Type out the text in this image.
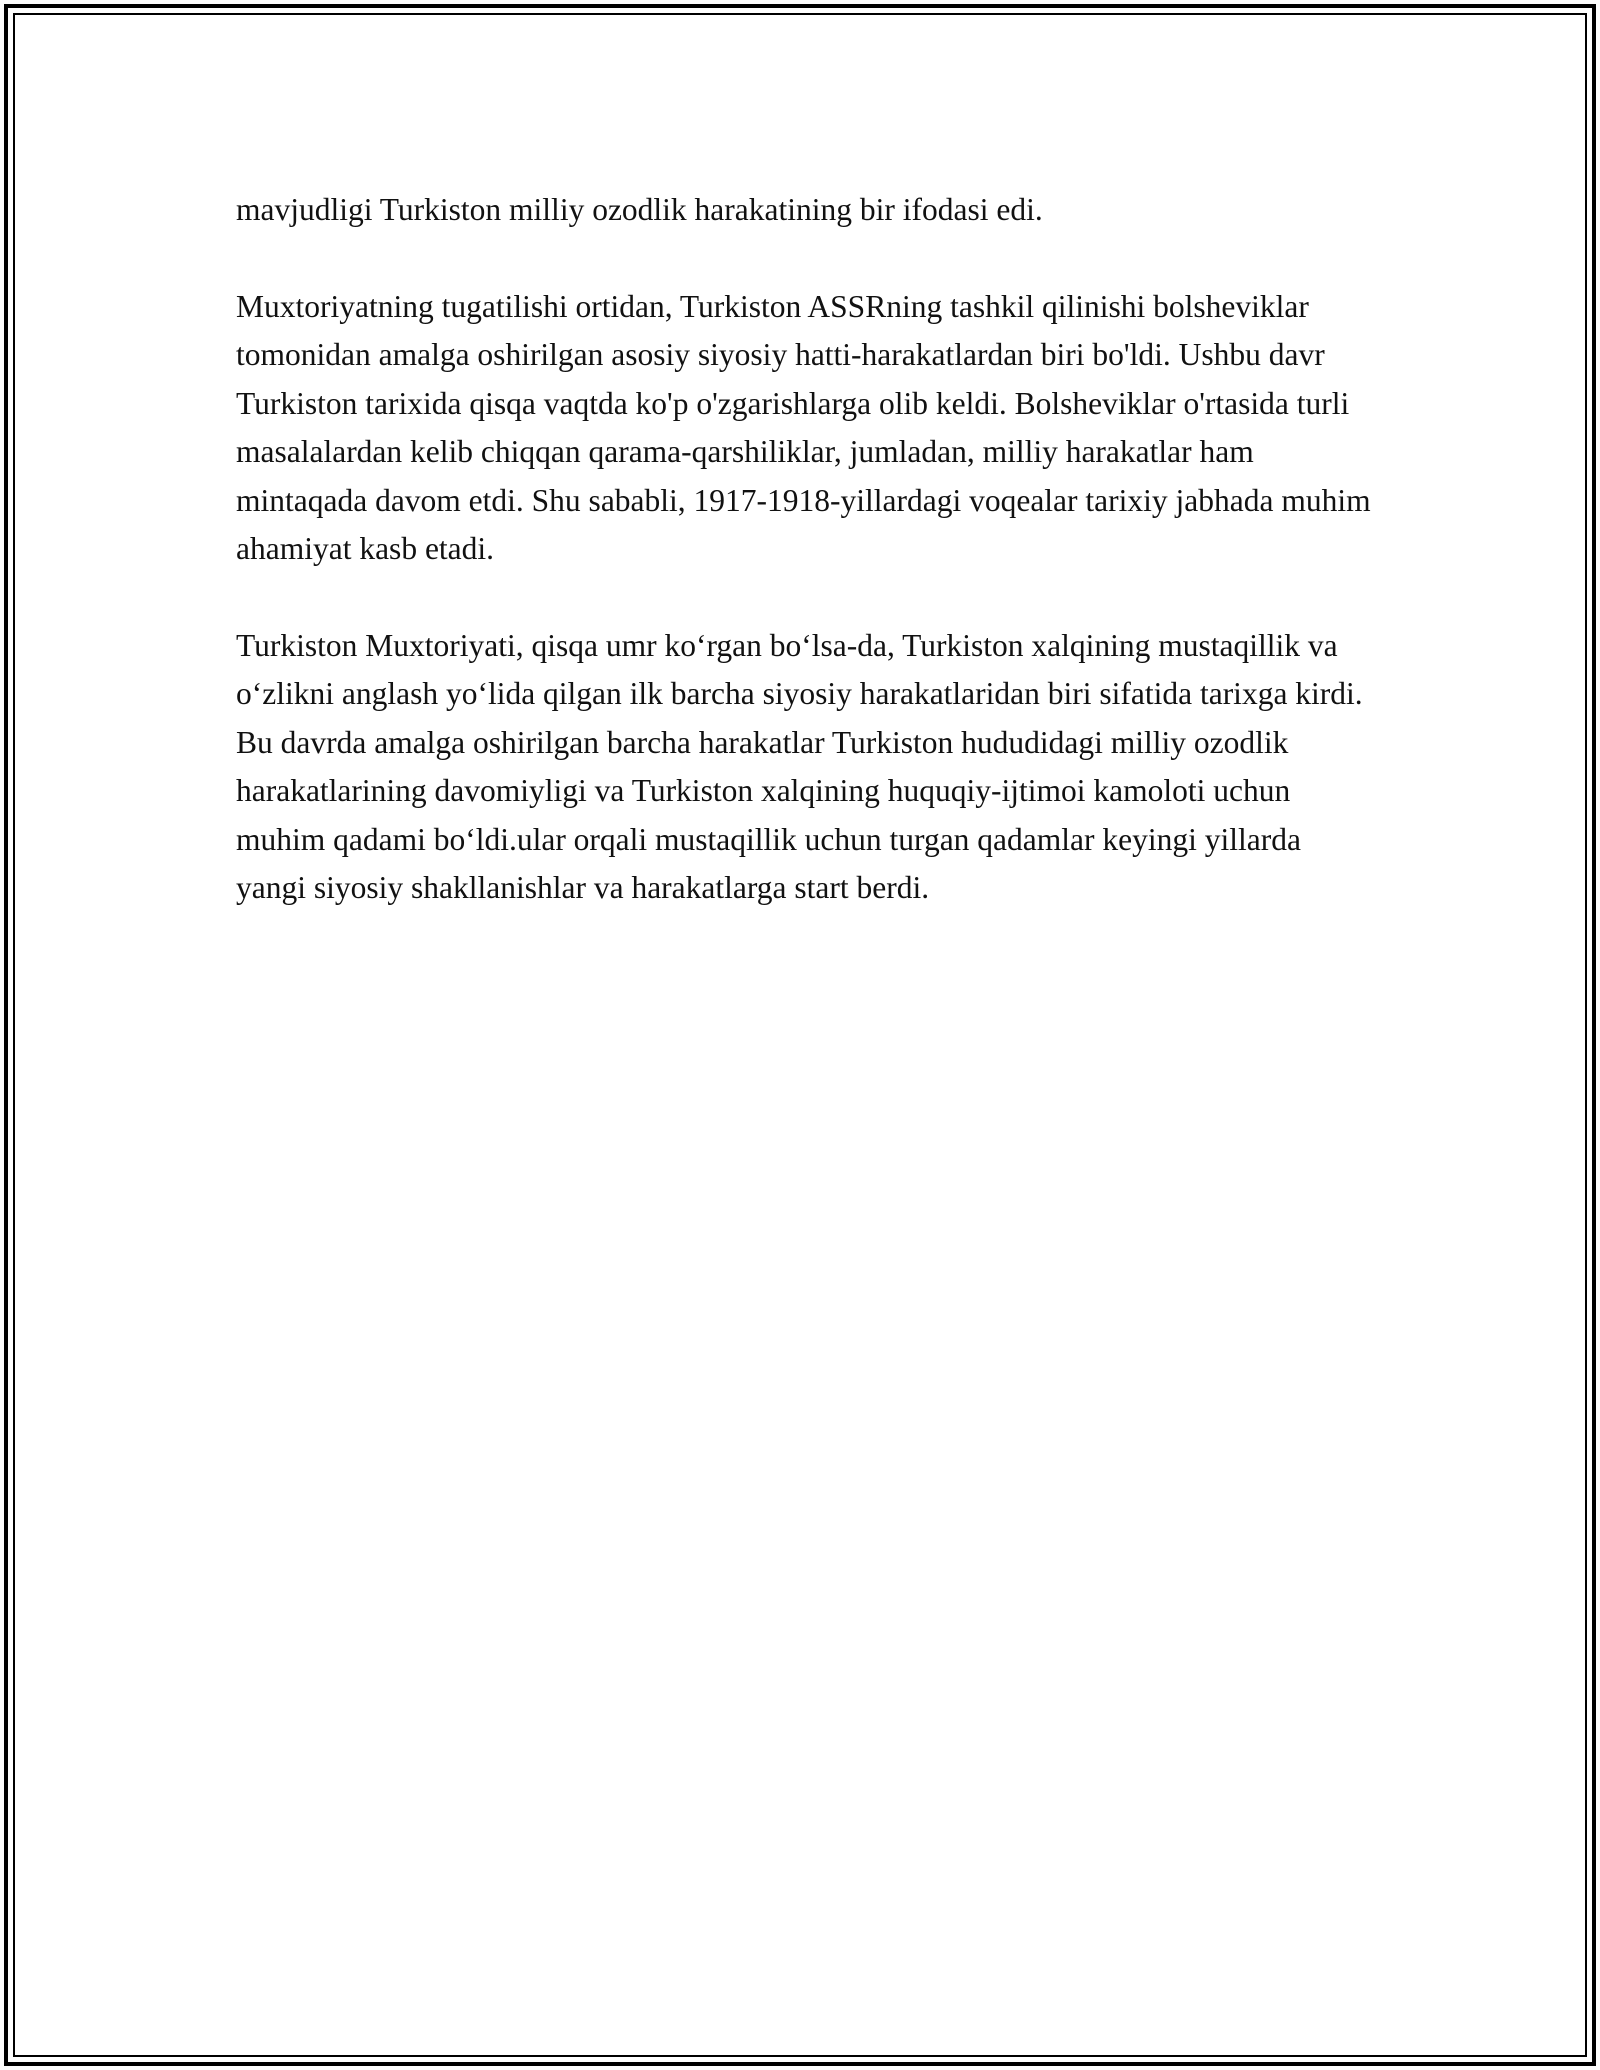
mavjudligi Turkiston milliy ozodlik harakatining bir ifodasi edi.

Muxtoriyatning tugatilishi ortidan, Turkiston ASSRning tashkil qilinishi bolsheviklar tomonidan amalga oshirilgan asosiy siyosiy hatti-harakatlardan biri bo'ldi. Ushbu davr Turkiston tarixida qisqa vaqtda ko'p o'zgarishlarga olib keldi. Bolsheviklar o'rtasida turli masalalardan kelib chiqqan qarama-qarshiliklar, jumladan, milliy harakatlar ham mintaqada davom etdi. Shu sababli, 1917-1918-yillardagi voqealar tarixiy jabhada muhim ahamiyat kasb etadi.

Turkiston Muxtoriyati, qisqa umr ko‘rgan bo‘lsa-da, Turkiston xalqining mustaqillik va o‘zlikni anglash yo‘lida qilgan ilk barcha siyosiy harakatlaridan biri sifatida tarixga kirdi. Bu davrda amalga oshirilgan barcha harakatlar Turkiston hududidagi milliy ozodlik harakatlarining davomiyligi va Turkiston xalqining huquqiy-ijtimoi kamoloti uchun muhim qadami bo‘ldi.ular orqali mustaqillik uchun turgan qadamlar keyingi yillarda yangi siyosiy shakllanishlar va harakatlarga start berdi.
